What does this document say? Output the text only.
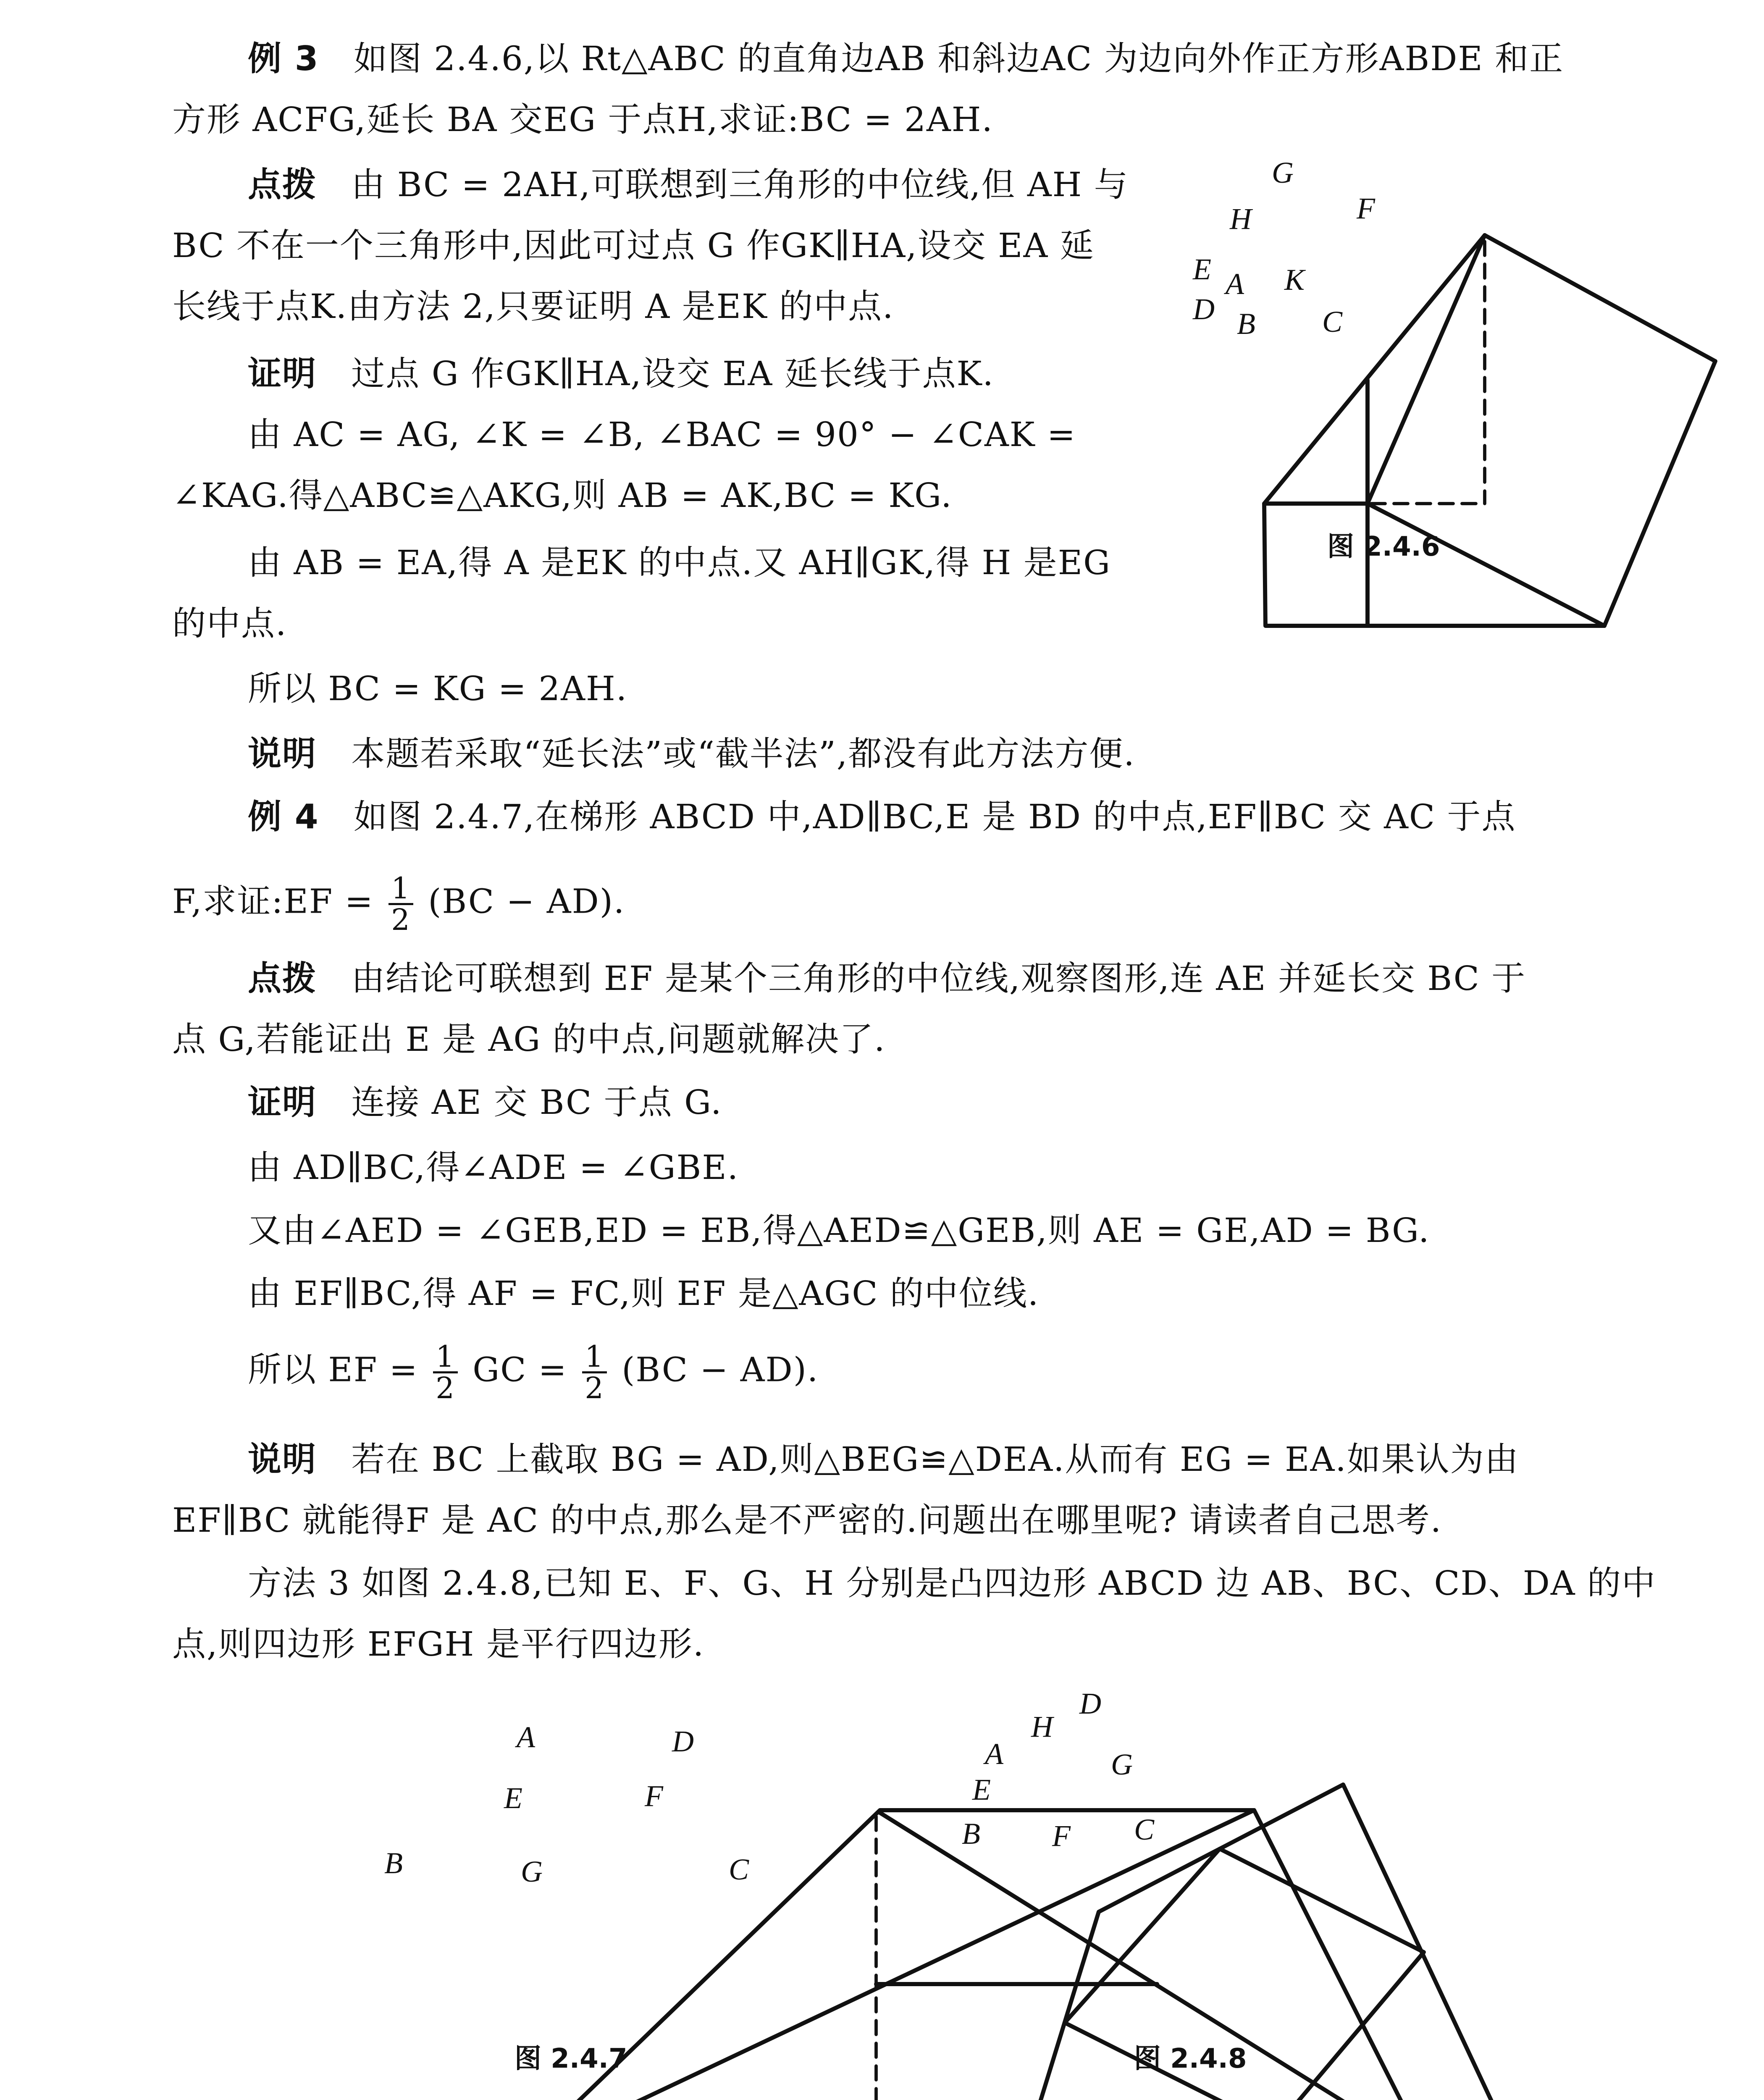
例 3 如图 2.4.6,以 Rt△ABC 的直角边AB 和斜边AC 为边向外作正方形ABDE 和正
方形 ACFG,延长 BA 交EG 于点H,求证:BC = 2AH.
点拨 由 BC = 2AH,可联想到三角形的中位线,但 AH 与
BC 不在一个三角形中,因此可过点 G 作GK∥HA,设交 EA 延
长线于点K.由方法 2,只要证明 A 是EK 的中点.
证明 过点 G 作GK∥HA,设交 EA 延长线于点K.
由 AC = AG, ∠K = ∠B, ∠BAC = 90° − ∠CAK =
∠KAG.得△ABC≌△AKG,则 AB = AK,BC = KG.
由 AB = EA,得 A 是EK 的中点.又 AH∥GK,得 H 是EG
的中点.
所以 BC = KG = 2AH.
说明 本题若采取“延长法”或“截半法”,都没有此方法方便.
G
H	F
E A K
D B C
图 2.4.6
例 4 如图 2.4.7,在梯形 ABCD 中,AD∥BC,E 是 BD 的中点,EF∥BC 交 AC 于点
F,求证:EF = $\frac{1}{2} (BC - AD)$.
点拨 由结论可联想到 EF 是某个三角形的中位线,观察图形,连 AE 并延长交 BC 于
点 G,若能证出 E 是 AG 的中点,问题就解决了.
证明 连接 AE 交 BC 于点 G.
由 AD∥BC,得∠ADE = ∠GBE.
又由∠AED = ∠GEB,ED = EB,得△AED≌△GEB,则 AE = GE,AD = BG.
由 EF∥BC,得 AF = FC,则 EF 是△AGC 的中位线.
所以 EF = $\frac{1}{2}$ GC = $\frac{1}{2} (BC - AD)$.
说明 若在 BC 上截取 BG = AD,则△BEG≌△DEA.从而有 EG = EA.如果认为由
EF∥BC 就能得F 是 AC 的中点,那么是不严密的.问题出在哪里呢? 请读者自己思考.
方法 3 如图 2.4.8,已知 E、F、G、H 分别是凸四边形 ABCD 边 AB、BC、CD、DA 的中
点,则四边形 EFGH 是平行四边形.
A	D
E	F
B	G	C
图 2.4.7
D
H
A	G
E
B F C
图 2.4.8
